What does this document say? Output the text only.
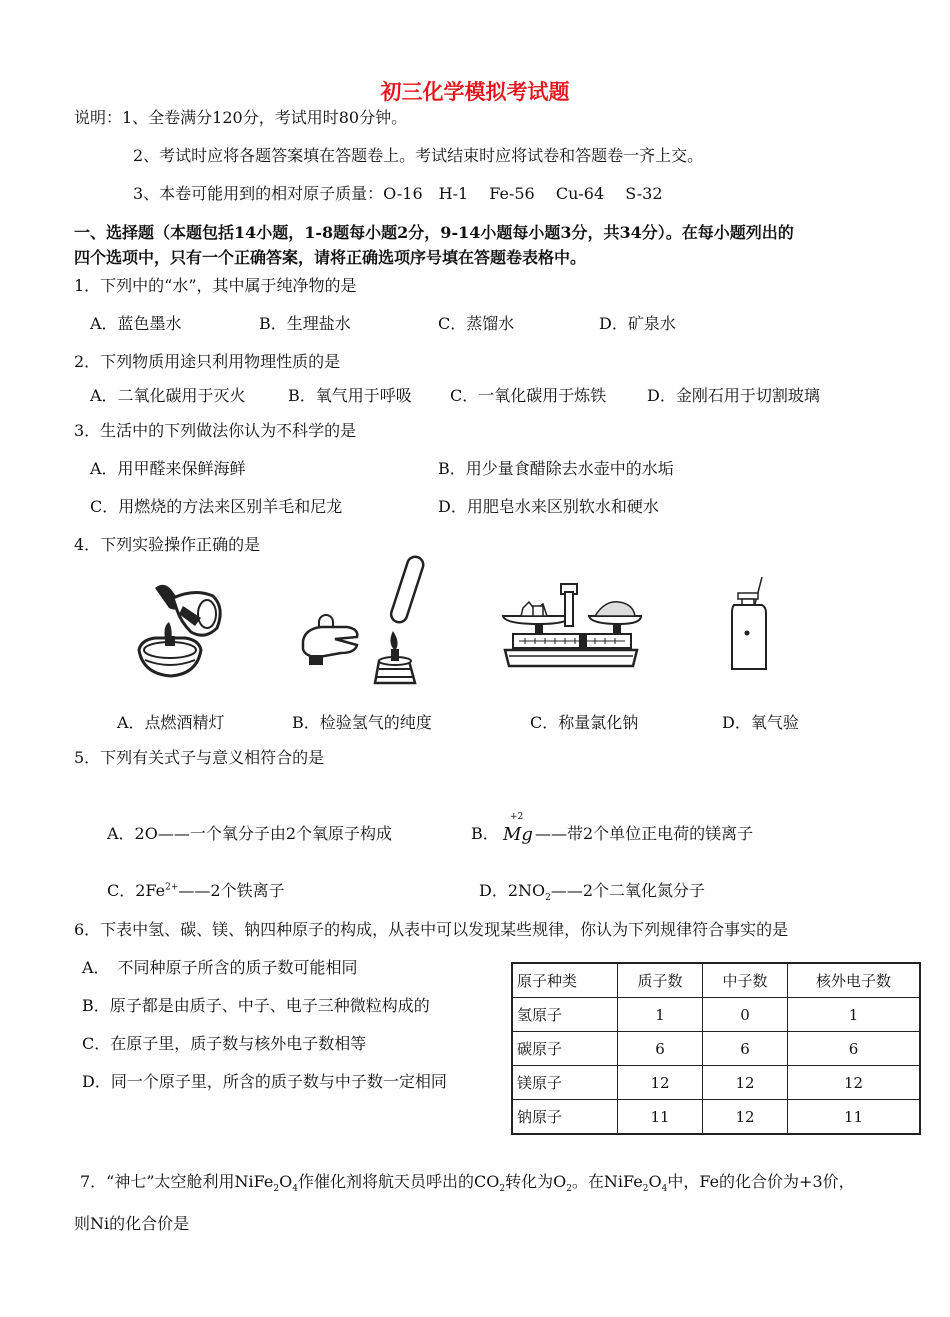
初三化学模拟考试题
说明：1、全卷满分120分，考试用时80分钟。
2、考试时应将各题答案填在答题卷上。考试结束时应将试卷和答题卷一齐上交。
3、本卷可能用到的相对原子质量：O-16　H-1　 Fe-56　 Cu-64　 S-32
一、选择题（本题包括14小题，1-8题每小题2分，9-14小题每小题3分，共34分）。在每小题列出的
四个选项中，只有一个正确答案，请将正确选项序号填在答题卷表格中。
1．下列中的“水”，其中属于纯净物的是
A．蓝色墨水	B．生理盐水	C．蒸馏水	D．矿泉水
2．下列物质用途只利用物理性质的是
A．二氧化碳用于灭火	B．氧气用于呼吸 C．一氧化碳用于炼铁	D．金刚石用于切割玻璃
3．生活中的下列做法你认为不科学的是
A．用甲醛来保鲜海鲜	B．用少量食醋除去水壶中的水垢
C．用燃烧的方法来区别羊毛和尼龙	D．用肥皂水来区别软水和硬水
4．下列实验操作正确的是
A．点燃酒精灯	B．检验氢气的纯度	C．称量氯化钠	D．氧气验
5．下列有关式子与意义相符合的是
A．2O——一个氧分子由2个氧原子构成	B．
+2
Mg ——带2个单位正电荷的镁离子
C．$2Fe^{2+}——2$个铁离子	D．$2NO_2——2$个二氧化氮分子
6．下表中氢、碳、镁、钠四种原子的构成，从表中可以发现某些规律，你认为下列规律符合事实的是
A．　不同种原子所含的质子数可能相同
B．原子都是由质子、中子、电子三种微粒构成的
C．在原子里，质子数与核外电子数相等
D．同一个原子里，所含的质子数与中子数一定相同
原子种类	质子数	中子数	核外电子数
氢原子	1	0	1
碳原子	6	6	6
镁原子	12	12	12
钠原子	11	12	11
7．“神七”太空舱利用$NiFe_2O_4$作催化剂将航天员呼出的$CO_2$转化为$O_2$。在$NiFe_2O_4$中，Fe的化合价为+3价，
则Ni的化合价是
